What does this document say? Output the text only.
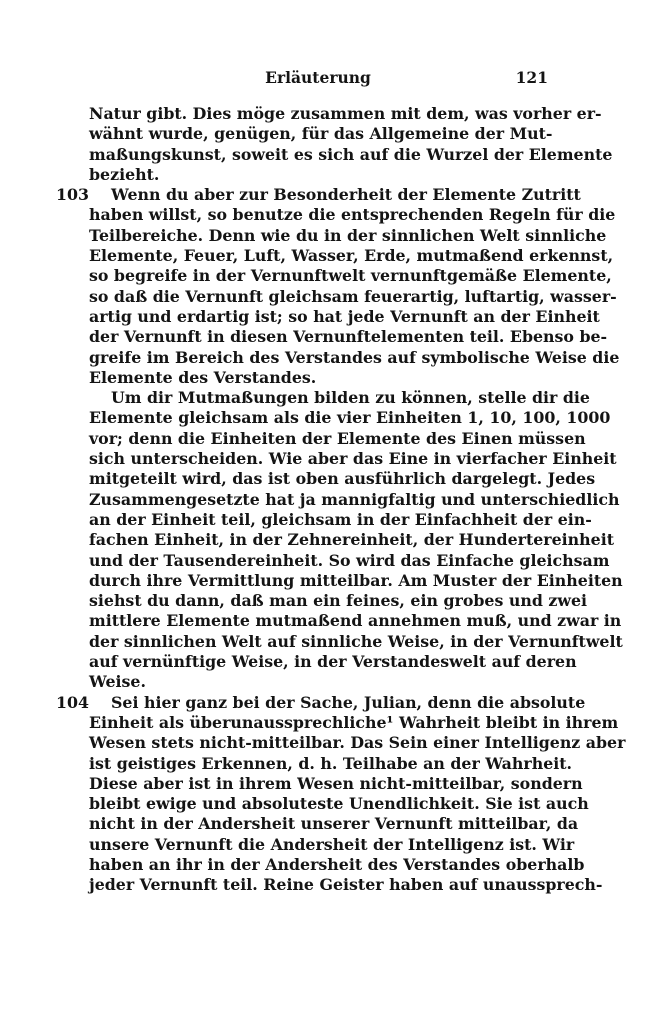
Erläuterung	121
Natur gibt. Dies möge zusammen mit dem, was vorher er-
wähnt wurde, genügen, für das Allgemeine der Mut-
maßungskunst, soweit es sich auf die Wurzel der Elemente
bezieht.
103 Wenn du aber zur Besonderheit der Elemente Zutritt
haben willst, so benutze die entsprechenden Regeln für die
Teilbereiche. Denn wie du in der sinnlichen Welt sinnliche
Elemente, Feuer, Luft, Wasser, Erde, mutmaßend erkennst,
so begreife in der Vernunftwelt vernunftgemäße Elemente,
so daß die Vernunft gleichsam feuerartig, luftartig, wasser-
artig und erdartig ist; so hat jede Vernunft an der Einheit
der Vernunft in diesen Vernunftelementen teil. Ebenso be-
greife im Bereich des Verstandes auf symbolische Weise die
Elemente des Verstandes.
Um dir Mutmaßungen bilden zu können, stelle dir die
Elemente gleichsam als die vier Einheiten 1, 10, 100, 1000
vor; denn die Einheiten der Elemente des Einen müssen
sich unterscheiden. Wie aber das Eine in vierfacher Einheit
mitgeteilt wird, das ist oben ausführlich dargelegt. Jedes
Zusammengesetzte hat ja mannigfaltig und unterschiedlich
an der Einheit teil, gleichsam in der Einfachheit der ein-
fachen Einheit, in der Zehnereinheit, der Hundertereinheit
und der Tausendereinheit. So wird das Einfache gleichsam
durch ihre Vermittlung mitteilbar. Am Muster der Einheiten
siehst du dann, daß man ein feines, ein grobes und zwei
mittlere Elemente mutmaßend annehmen muß, und zwar in
der sinnlichen Welt auf sinnliche Weise, in der Vernunftwelt
auf vernünftige Weise, in der Verstandeswelt auf deren
Weise.
104 Sei hier ganz bei der Sache, Julian, denn die absolute
Einheit als überunaussprechliche¹ Wahrheit bleibt in ihrem
Wesen stets nicht-mitteilbar. Das Sein einer Intelligenz aber
ist geistiges Erkennen, d. h. Teilhabe an der Wahrheit.
Diese aber ist in ihrem Wesen nicht-mitteilbar, sondern
bleibt ewige und absoluteste Unendlichkeit. Sie ist auch
nicht in der Andersheit unserer Vernunft mitteilbar, da
unsere Vernunft die Andersheit der Intelligenz ist. Wir
haben an ihr in der Andersheit des Verstandes oberhalb
jeder Vernunft teil. Reine Geister haben auf unaussprech-
